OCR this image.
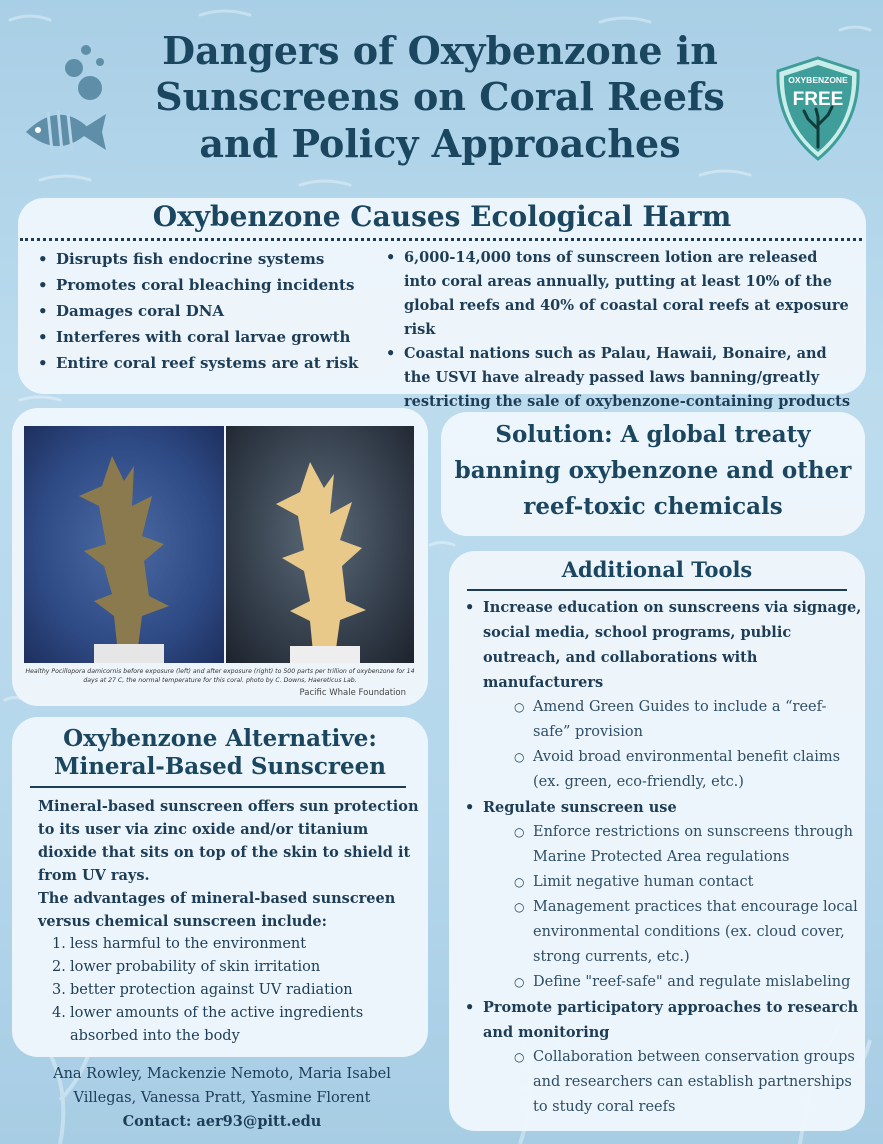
Dangers of Oxybenzone in Sunscreens on Coral Reefs and Policy Approaches
OXYBENZONE
FREE
Oxybenzone Causes Ecological Harm
• Disrupts fish endocrine systems
• Promotes coral bleaching incidents
• Damages coral DNA
• Interferes with coral larvae growth
• Entire coral reef systems are at risk
• 6,000-14,000 tons of sunscreen lotion are released into coral areas annually, putting at least 10% of the global reefs and 40% of coastal coral reefs at exposure risk
• Coastal nations such as Palau, Hawaii, Bonaire, and the USVI have already passed laws banning/greatly restricting the sale of oxybenzone-containing products
Healthy Pocillopora damicornis before exposure (left) and after exposure (right) to 500 parts per trillion of oxybenzone for 14 days at 27 C, the normal temperature for this coral. photo by C. Downs, Haereticus Lab.
Pacific Whale Foundation

Solution: A global treaty banning oxybenzone and other reef-toxic chemicals

Additional Tools
• Increase education on sunscreens via signage, social media, school programs, public outreach, and collaborations with manufacturers
○ Amend Green Guides to include a “reef-safe” provision
○ Avoid broad environmental benefit claims (ex. green, eco-friendly, etc.)
• Regulate sunscreen use
○ Enforce restrictions on sunscreens through Marine Protected Area regulations
○ Limit negative human contact
○ Management practices that encourage local environmental conditions (ex. cloud cover, strong currents, etc.)
○ Define "reef-safe" and regulate mislabeling
• Promote participatory approaches to research and monitoring
○ Collaboration between conservation groups and researchers can establish partnerships to study coral reefs
Oxybenzone Alternative:
Mineral-Based Sunscreen

Mineral-based sunscreen offers sun protection to its user via zinc oxide and/or titanium dioxide that sits on top of the skin to shield it from UV rays.

The advantages of mineral-based sunscreen versus chemical sunscreen include:

1. less harmful to the environment
2. lower probability of skin irritation
3. better protection against UV radiation
4. lower amounts of the active ingredients absorbed into the body
Ana Rowley, Mackenzie Nemoto, Maria Isabel
Villegas, Vanessa Pratt, Yasmine Florent
Contact: aer93@pitt.edu
